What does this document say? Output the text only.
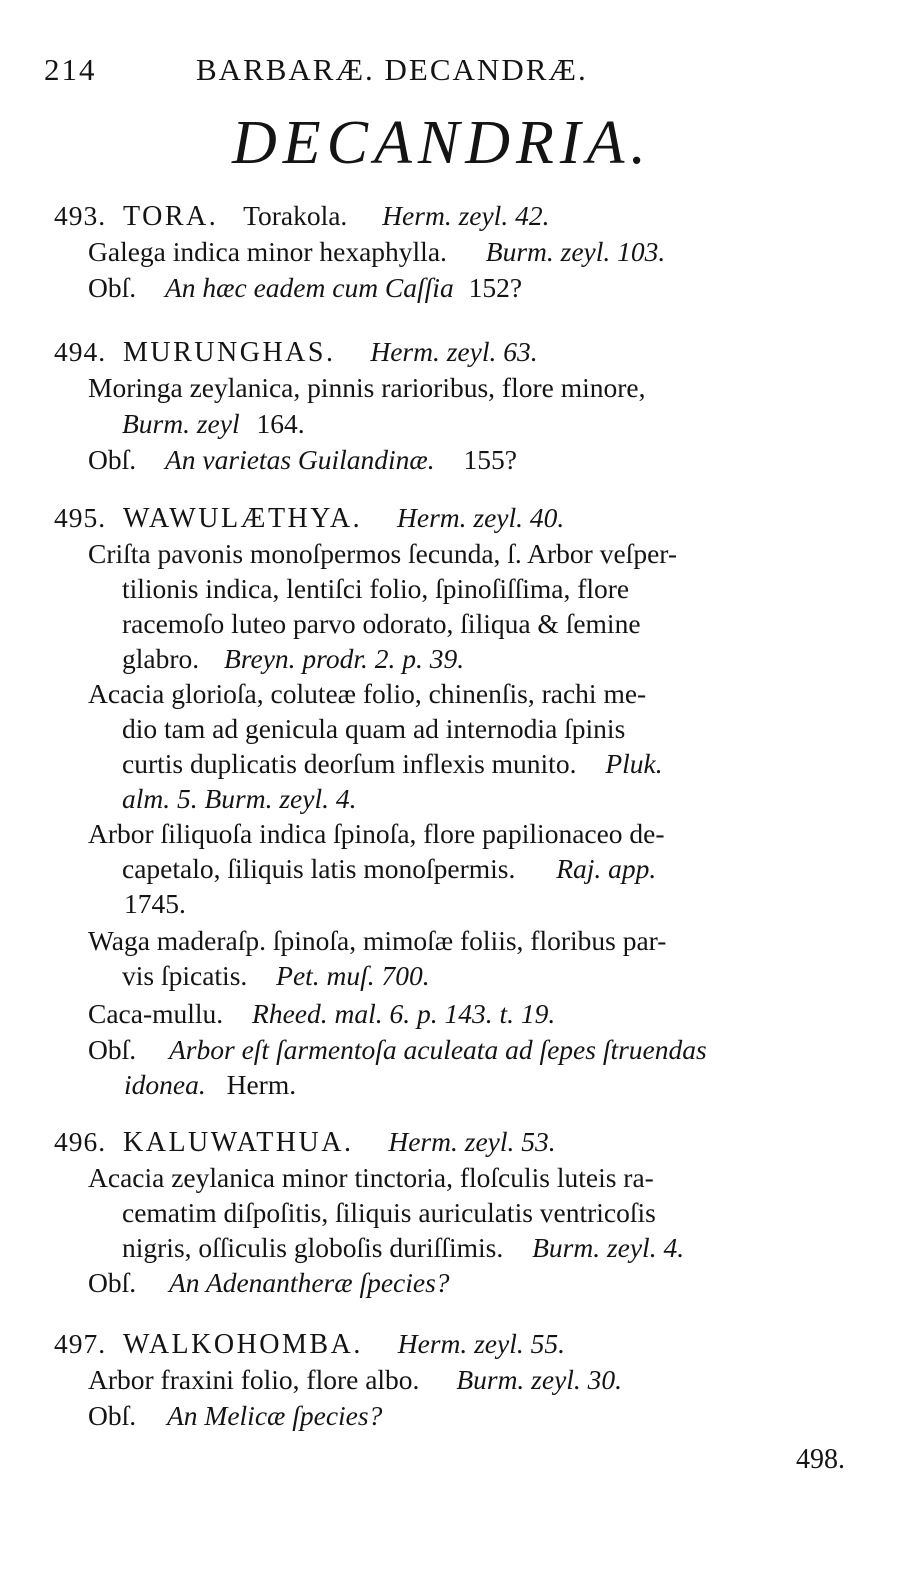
214	BARBARÆ. DECANDRÆ.
DECANDRIA.
493. TORA. Torakola. Herm. zeyl. 42.
Galega indica minor hexaphylla. Burm. zeyl. 103.
Obſ. An hæc eadem cum Caſſia 152?
494. MURUNGHAS. Herm. zeyl. 63.
Moringa zeylanica, pinnis rarioribus, flore minore,
Burm. zeyl 164.
Obſ. An varietas Guilandinæ. 155?
495. WAWULÆTHYA. Herm. zeyl. 40.
Criſta pavonis monoſpermos ſecunda, ſ. Arbor veſper-
tilionis indica, lentiſci folio, ſpinoſiſſima, flore
racemoſo luteo parvo odorato, ſiliqua & ſemine
glabro. Breyn. prodr. 2. p. 39.
Acacia glorioſa, coluteæ folio, chinenſis, rachi me-
dio tam ad genicula quam ad internodia ſpinis
curtis duplicatis deorſum inflexis munito. Pluk.
alm. 5. Burm. zeyl. 4.
Arbor ſiliquoſa indica ſpinoſa, flore papilionaceo de-
capetalo, ſiliquis latis monoſpermis. Raj. app.
1745.
Waga maderaſp. ſpinoſa, mimoſæ foliis, floribus par-
vis ſpicatis. Pet. muſ. 700.
Caca-mullu. Rheed. mal. 6. p. 143. t. 19.
Obſ. Arbor eſt ſarmentoſa aculeata ad ſepes ſtruendas
idonea. Herm.
496. KALUWATHUA. Herm. zeyl. 53.
Acacia zeylanica minor tinctoria, floſculis luteis ra-
cematim diſpoſitis, ſiliquis auriculatis ventricoſis
nigris, oſſiculis globoſis duriſſimis. Burm. zeyl. 4.
Obſ. An Adenantheræ ſpecies?
497. WALKOHOMBA. Herm. zeyl. 55.
Arbor fraxini folio, flore albo. Burm. zeyl. 30.
Obſ. An Melicæ ſpecies?
498.
